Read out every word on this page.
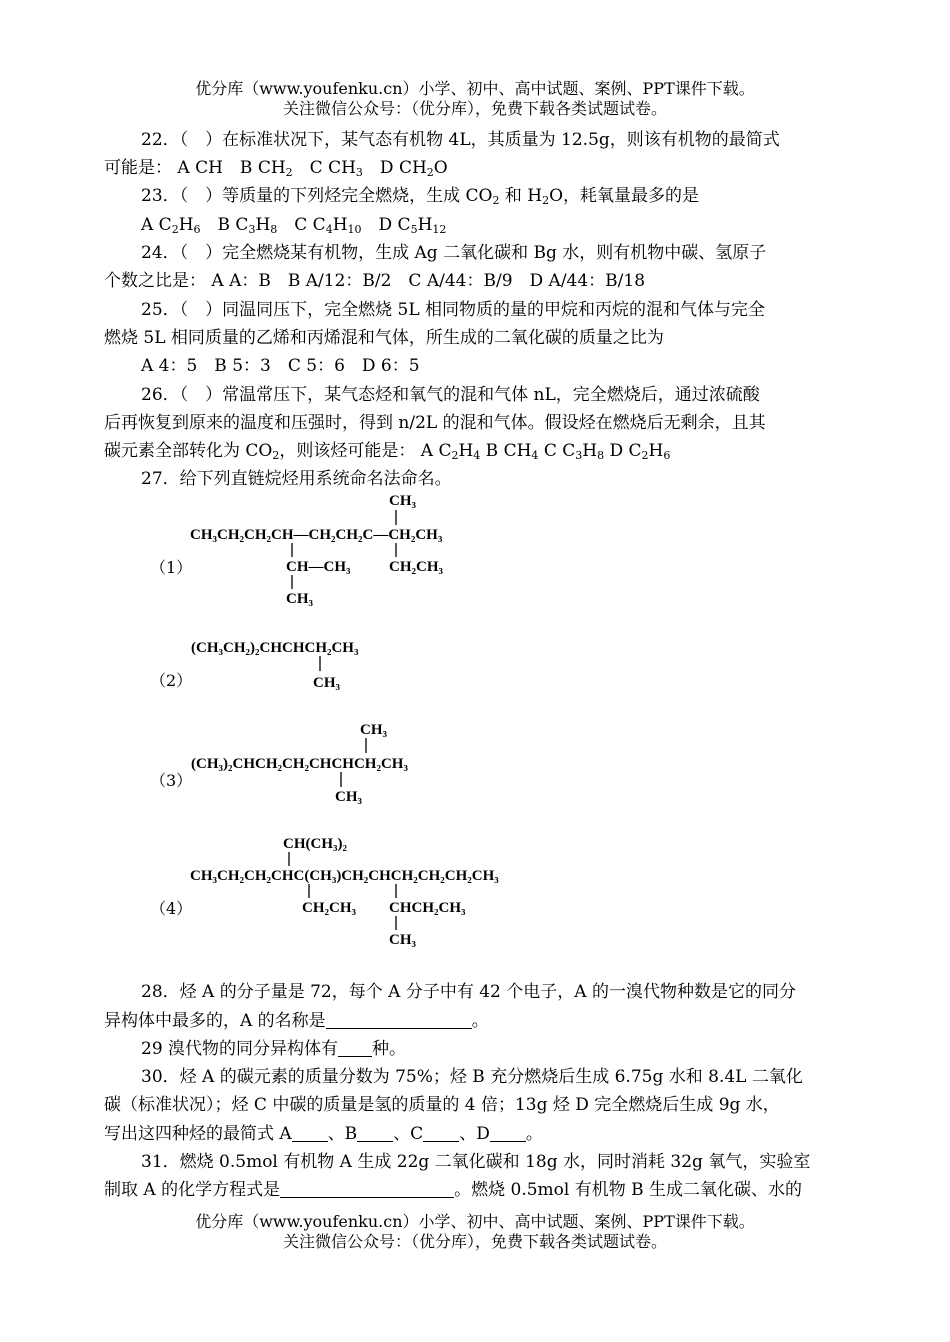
优分库（www.youfenku.cn）小学、初中、高中试题、案例、PPT课件下载。
关注微信公众号：（优分库），免费下载各类试题试卷。
22．（　）在标准状况下，某气态有机物 4L，其质量为 12.5g，则该有机物的最简式
可能是： A CH　 B $CH_2$　 C $CH_3$　 D $CH_2O$
23．（　）等质量的下列烃完全燃烧，生成 $CO_2$ 和 $H_2O$，耗氧量最多的是
A $C_2H_6$　 B $C_3H_8$　 C $C_4H_{10}$　 D $C_5H_{12}$
24．（　）完全燃烧某有机物，生成 Ag 二氧化碳和 Bg 水，则有机物中碳、氢原子
个数之比是： A A：B　B A/12：B/2　C A/44：B/9　D A/44：B/18
25．（　）同温同压下，完全燃烧 5L 相同物质的量的甲烷和丙烷的混和气体与完全
燃烧 5L 相同质量的乙烯和丙烯混和气体，所生成的二氧化碳的质量之比为
A 4：5　B 5：3　C 5：6　D 6：5
26．（　）常温常压下，某气态烃和氧气的混和气体 nL，完全燃烧后，通过浓硫酸
后再恢复到原来的温度和压强时，得到 n/2L 的混和气体。假设烃在燃烧后无剩余，且其
碳元素全部转化为 $CO_2$，则该烃可能是： A $C_2H_4$ B $CH_4$ C $C_3H_8$ D $C_2H_6$
27．给下列直链烷烃用系统命名法命名。
（1）
（2）
（3）
（4）
CH₃
CH₃CH₂CH₂CH—CH₂CH₂C—CH₂CH₃
CH—CH₃	CH₂CH₃
CH₃
(CH₃CH₂)₂CHCHCH₂CH₃
CH₃
CH₃
(CH₃)₂CHCH₂CH₂CHCHCH₂CH₃
CH₃
CH(CH₃)₂
CH₃CH₂CH₂CHC(CH₃)CH₂CHCH₂CH₂CH₂CH₃
CH₂CH₃ CHCH₂CH₃
CH₃
28．烃 A 的分子量是 72，每个 A 分子中有 42 个电子，A 的一溴代物种数是它的同分
异构体中最多的，A 的名称是	。
29 溴代物的同分异构体有 种。
30．烃 A 的碳元素的质量分数为 75%；烃 B 充分燃烧后生成 6.75g 水和 8.4L 二氧化
碳（标准状况）；烃 C 中碳的质量是氢的质量的 4 倍；13g 烃 D 完全燃烧后生成 9g 水，
写出这四种烃的最简式 A 、B 、C 、D 。
31．燃烧 0.5mol 有机物 A 生成 22g 二氧化碳和 18g 水，同时消耗 32g 氧气，实验室
制取 A 的化学方程式是	。燃烧 0.5mol 有机物 B 生成二氧化碳、水的
优分库（www.youfenku.cn）小学、初中、高中试题、案例、PPT课件下载。
关注微信公众号：（优分库），免费下载各类试题试卷。
